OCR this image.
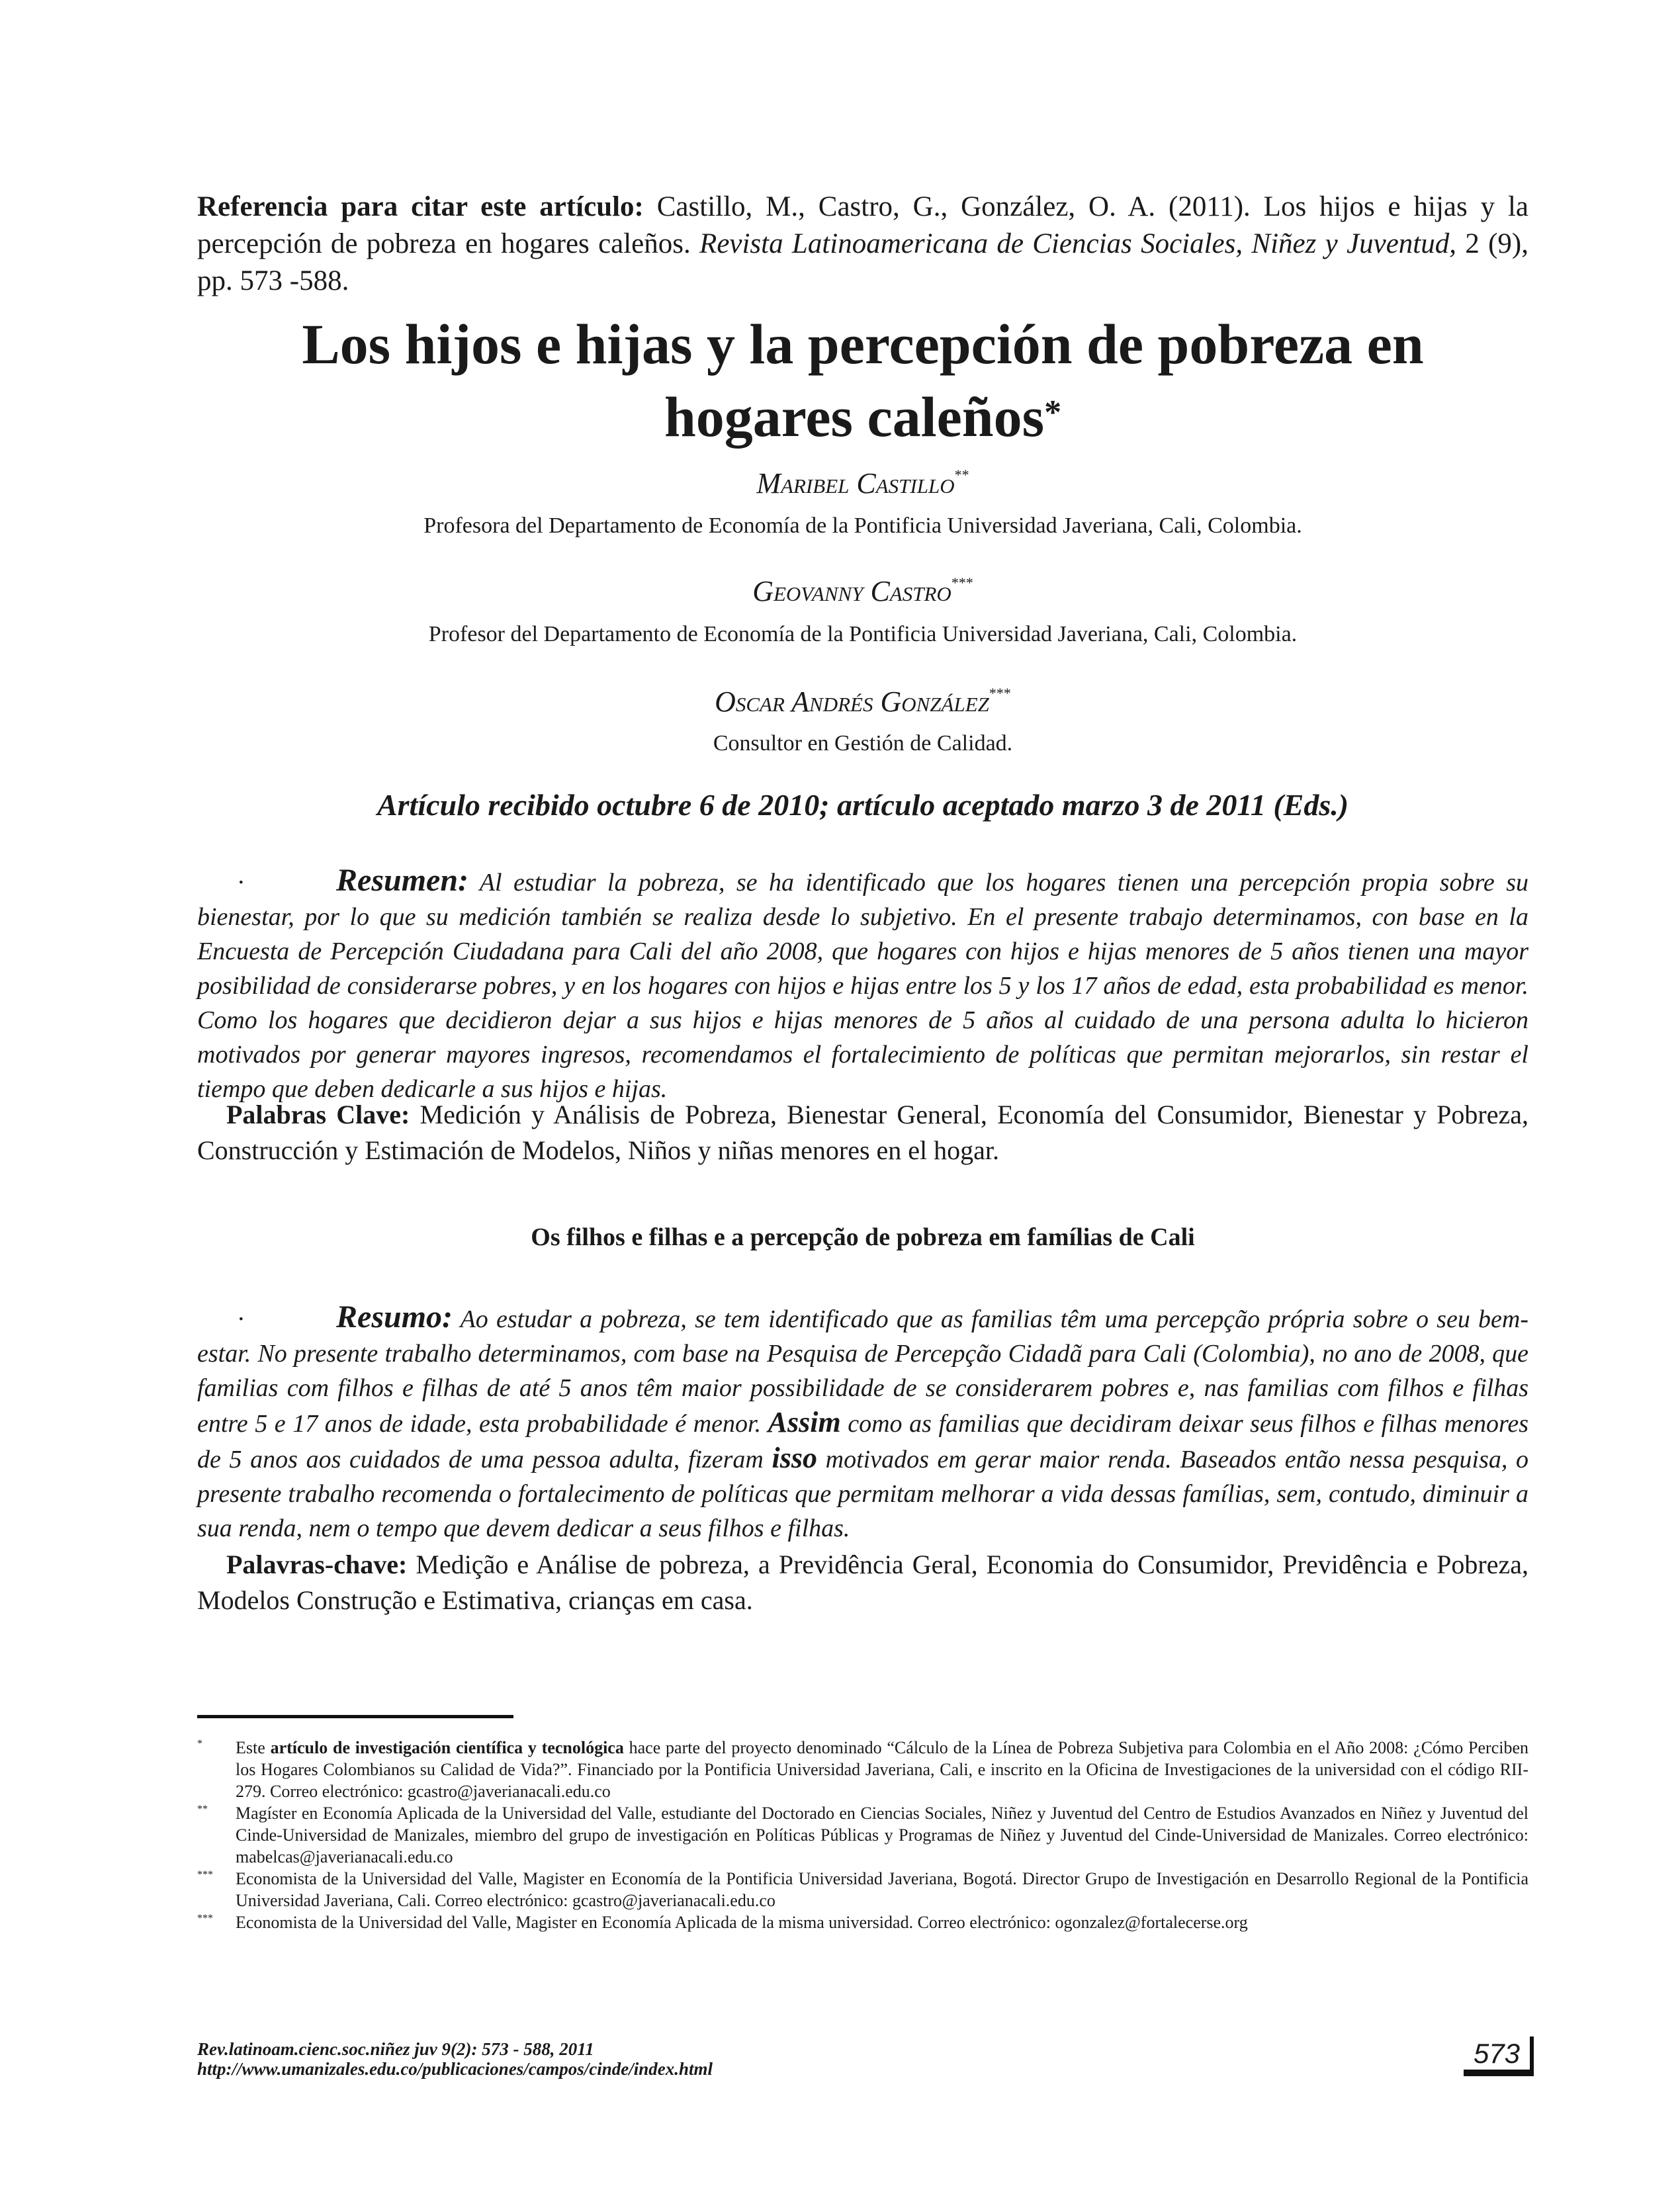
Referencia para citar este artículo: Castillo, M., Castro, G., González, O. A. (2011). Los hijos e hijas y la percepción de pobreza en hogares caleños. Revista Latinoamericana de Ciencias Sociales, Niñez y Juventud, 2 (9), pp. 573 -588.
Los hijos e hijas y la percepción de pobreza en
hogares caleños*
Maribel Castillo**
Profesora del Departamento de Economía de la Pontificia Universidad Javeriana, Cali, Colombia.
Geovanny Castro***
Profesor del Departamento de Economía de la Pontificia Universidad Javeriana, Cali, Colombia.
Oscar Andrés González***
Consultor en Gestión de Calidad.
Artículo recibido octubre 6 de 2010; artículo aceptado marzo 3 de 2011 (Eds.)
·	Resumen: Al estudiar la pobreza, se ha identificado que los hogares tienen una percepción propia sobre su bienestar, por lo que su medición también se realiza desde lo subjetivo. En el presente trabajo determinamos, con base en la Encuesta de Percepción Ciudadana para Cali del año 2008, que hogares con hijos e hijas menores de 5 años tienen una mayor posibilidad de considerarse pobres, y en los hogares con hijos e hijas entre los 5 y los 17 años de edad, esta probabilidad es menor. Como los hogares que decidieron dejar a sus hijos e hijas menores de 5 años al cuidado de una persona adulta lo hicieron motivados por generar mayores ingresos, recomendamos el fortalecimiento de políticas que permitan mejorarlos, sin restar el tiempo que deben dedicarle a sus hijos e hijas.
Palabras Clave: Medición y Análisis de Pobreza, Bienestar General, Economía del Consumidor, Bienestar y Pobreza, Construcción y Estimación de Modelos, Niños y niñas menores en el hogar.
Os filhos e filhas e a percepção de pobreza em famílias de Cali
·	Resumo: Ao estudar a pobreza, se tem identificado que as familias têm uma percepção própria sobre o seu bem-estar. No presente trabalho determinamos, com base na Pesquisa de Percepção Cidadã para Cali (Colombia), no ano de 2008, que familias com filhos e filhas de até 5 anos têm maior possibilidade de se considerarem pobres e, nas familias com filhos e filhas entre 5 e 17 anos de idade, esta probabilidade é menor. Assim como as familias que decidiram deixar seus filhos e filhas menores de 5 anos aos cuidados de uma pessoa adulta, fizeram isso motivados em gerar maior renda. Baseados então nessa pesquisa, o presente trabalho recomenda o fortalecimento de políticas que permitam melhorar a vida dessas famílias, sem, contudo, diminuir a sua renda, nem o tempo que devem dedicar a seus filhos e filhas.
Palavras-chave: Medição e Análise de pobreza, a Previdência Geral, Economia do Consumidor, Previdência e Pobreza, Modelos Construção e Estimativa, crianças em casa.
*	Este artículo de investigación científica y tecnológica hace parte del proyecto denominado “Cálculo de la Línea de Pobreza Subjetiva para Colombia en el Año 2008: ¿Cómo Perciben los Hogares Colombianos su Calidad de Vida?”. Financiado por la Pontificia Universidad Javeriana, Cali, e inscrito en la Oficina de Investigaciones de la universidad con el código RII-279. Correo electrónico: gcastro@javerianacali.edu.co
**	Magíster en Economía Aplicada de la Universidad del Valle, estudiante del Doctorado en Ciencias Sociales, Niñez y Juventud del Centro de Estudios Avanzados en Niñez y Juventud del Cinde-Universidad de Manizales, miembro del grupo de investigación en Políticas Públicas y Programas de Niñez y Juventud del Cinde-Universidad de Manizales. Correo electrónico: mabelcas@javerianacali.edu.co
***	Economista de la Universidad del Valle, Magister en Economía de la Pontificia Universidad Javeriana, Bogotá. Director Grupo de Investigación en Desarrollo Regional de la Pontificia Universidad Javeriana, Cali. Correo electrónico: gcastro@javerianacali.edu.co
***	Economista de la Universidad del Valle, Magister en Economía Aplicada de la misma universidad. Correo electrónico: ogonzalez@fortalecerse.org
Rev.latinoam.cienc.soc.niñez juv 9(2): 573 - 588, 2011
http://www.umanizales.edu.co/publicaciones/campos/cinde/index.html	573
